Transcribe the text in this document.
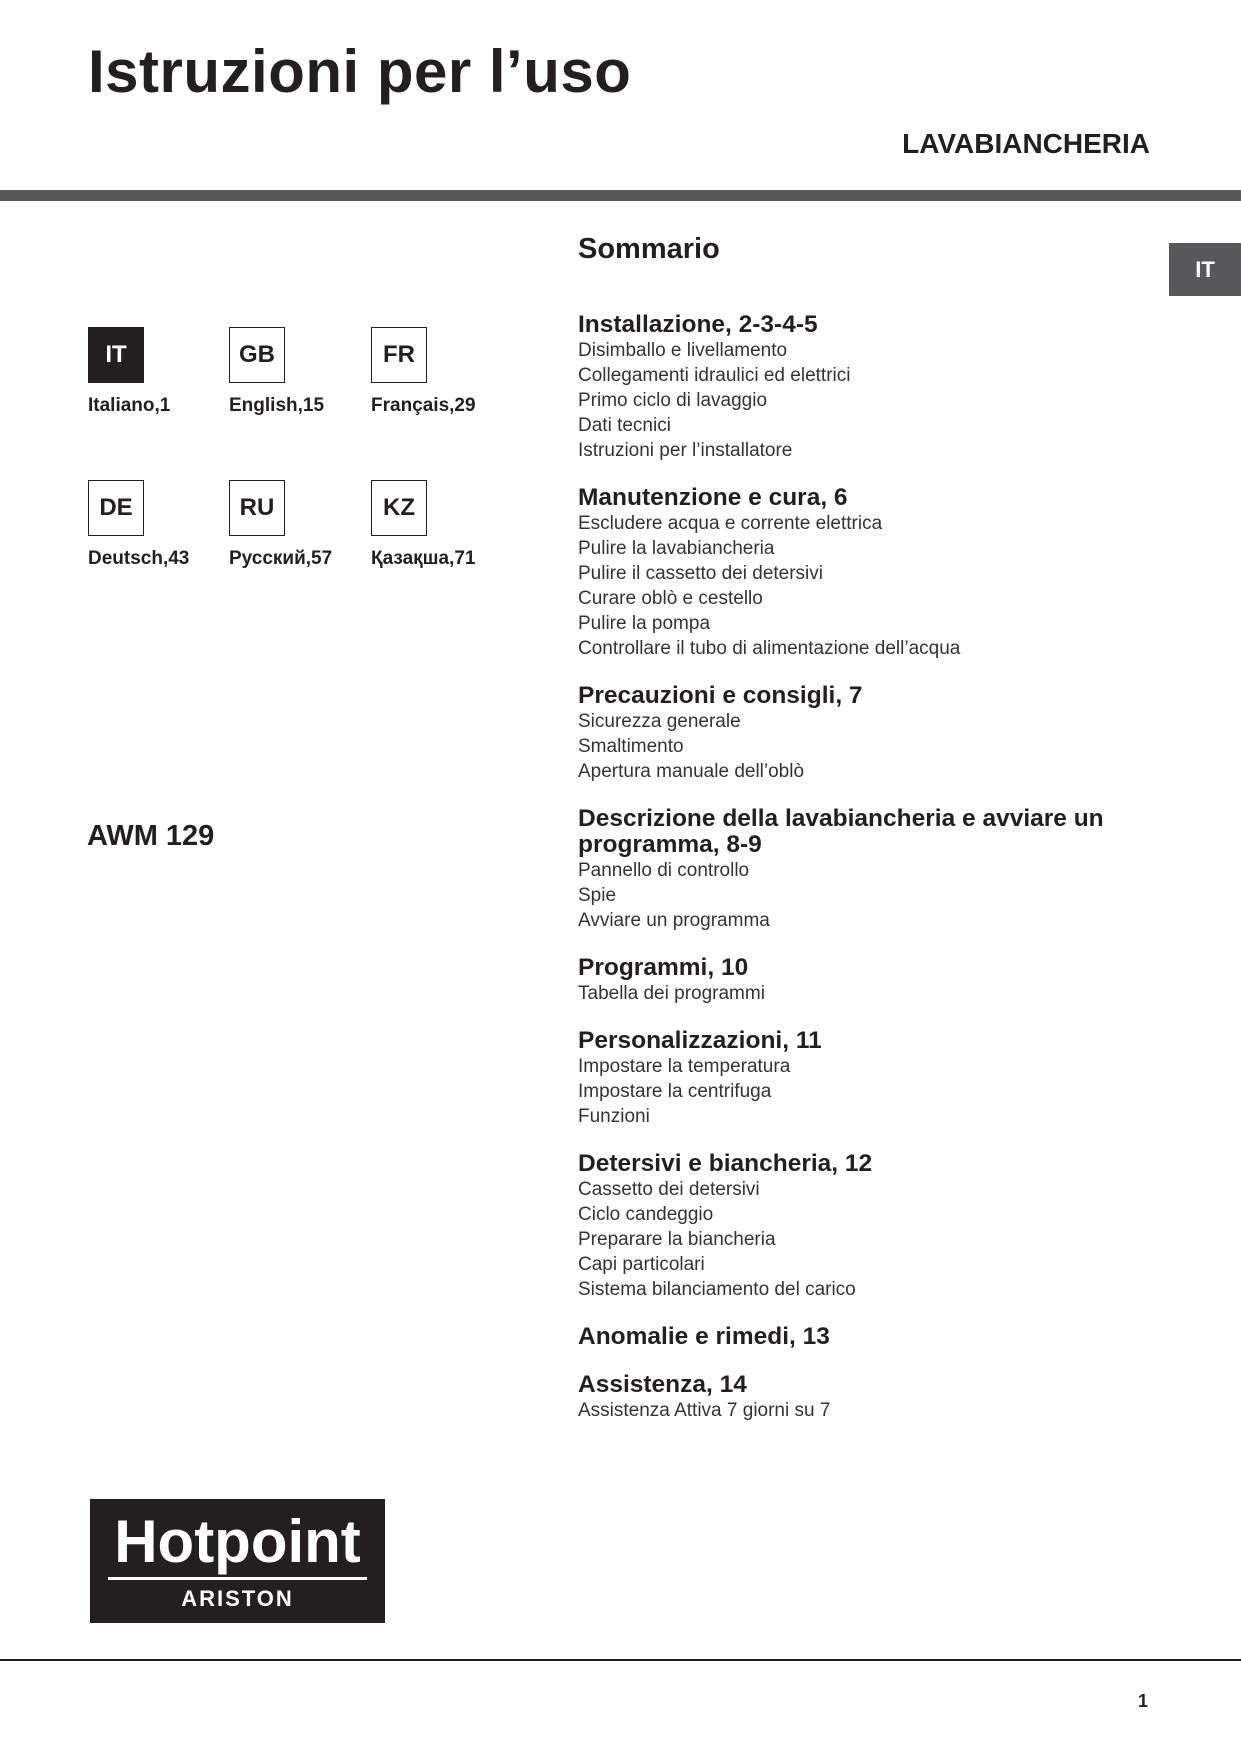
Istruzioni per l’uso
LAVABIANCHERIA
IT
IT
Italiano,1
GB
English,15
FR
Français,29
DE
Deutsch,43
RU
Русский,57
KZ
Қазақша,71
AWM 129
Sommario
Installazione, 2-3-4-5
Disimballo e livellamento
Collegamenti idraulici ed elettrici
Primo ciclo di lavaggio
Dati tecnici
Istruzioni per l’installatore
Manutenzione e cura, 6
Escludere acqua e corrente elettrica
Pulire la lavabiancheria
Pulire il cassetto dei detersivi
Curare oblò e cestello
Pulire la pompa
Controllare il tubo di alimentazione dell’acqua
Precauzioni e consigli, 7
Sicurezza generale
Smaltimento
Apertura manuale dell’oblò
Descrizione della lavabiancheria e avviare un programma, 8-9
Pannello di controllo
Spie
Avviare un programma
Programmi, 10
Tabella dei programmi
Personalizzazioni, 11
Impostare la temperatura
Impostare la centrifuga
Funzioni
Detersivi e biancheria, 12
Cassetto dei detersivi
Ciclo candeggio
Preparare la biancheria
Capi particolari
Sistema bilanciamento del carico
Anomalie e rimedi, 13
Assistenza, 14
Assistenza Attiva 7 giorni su 7
Hotpoint
ARISTON
1
